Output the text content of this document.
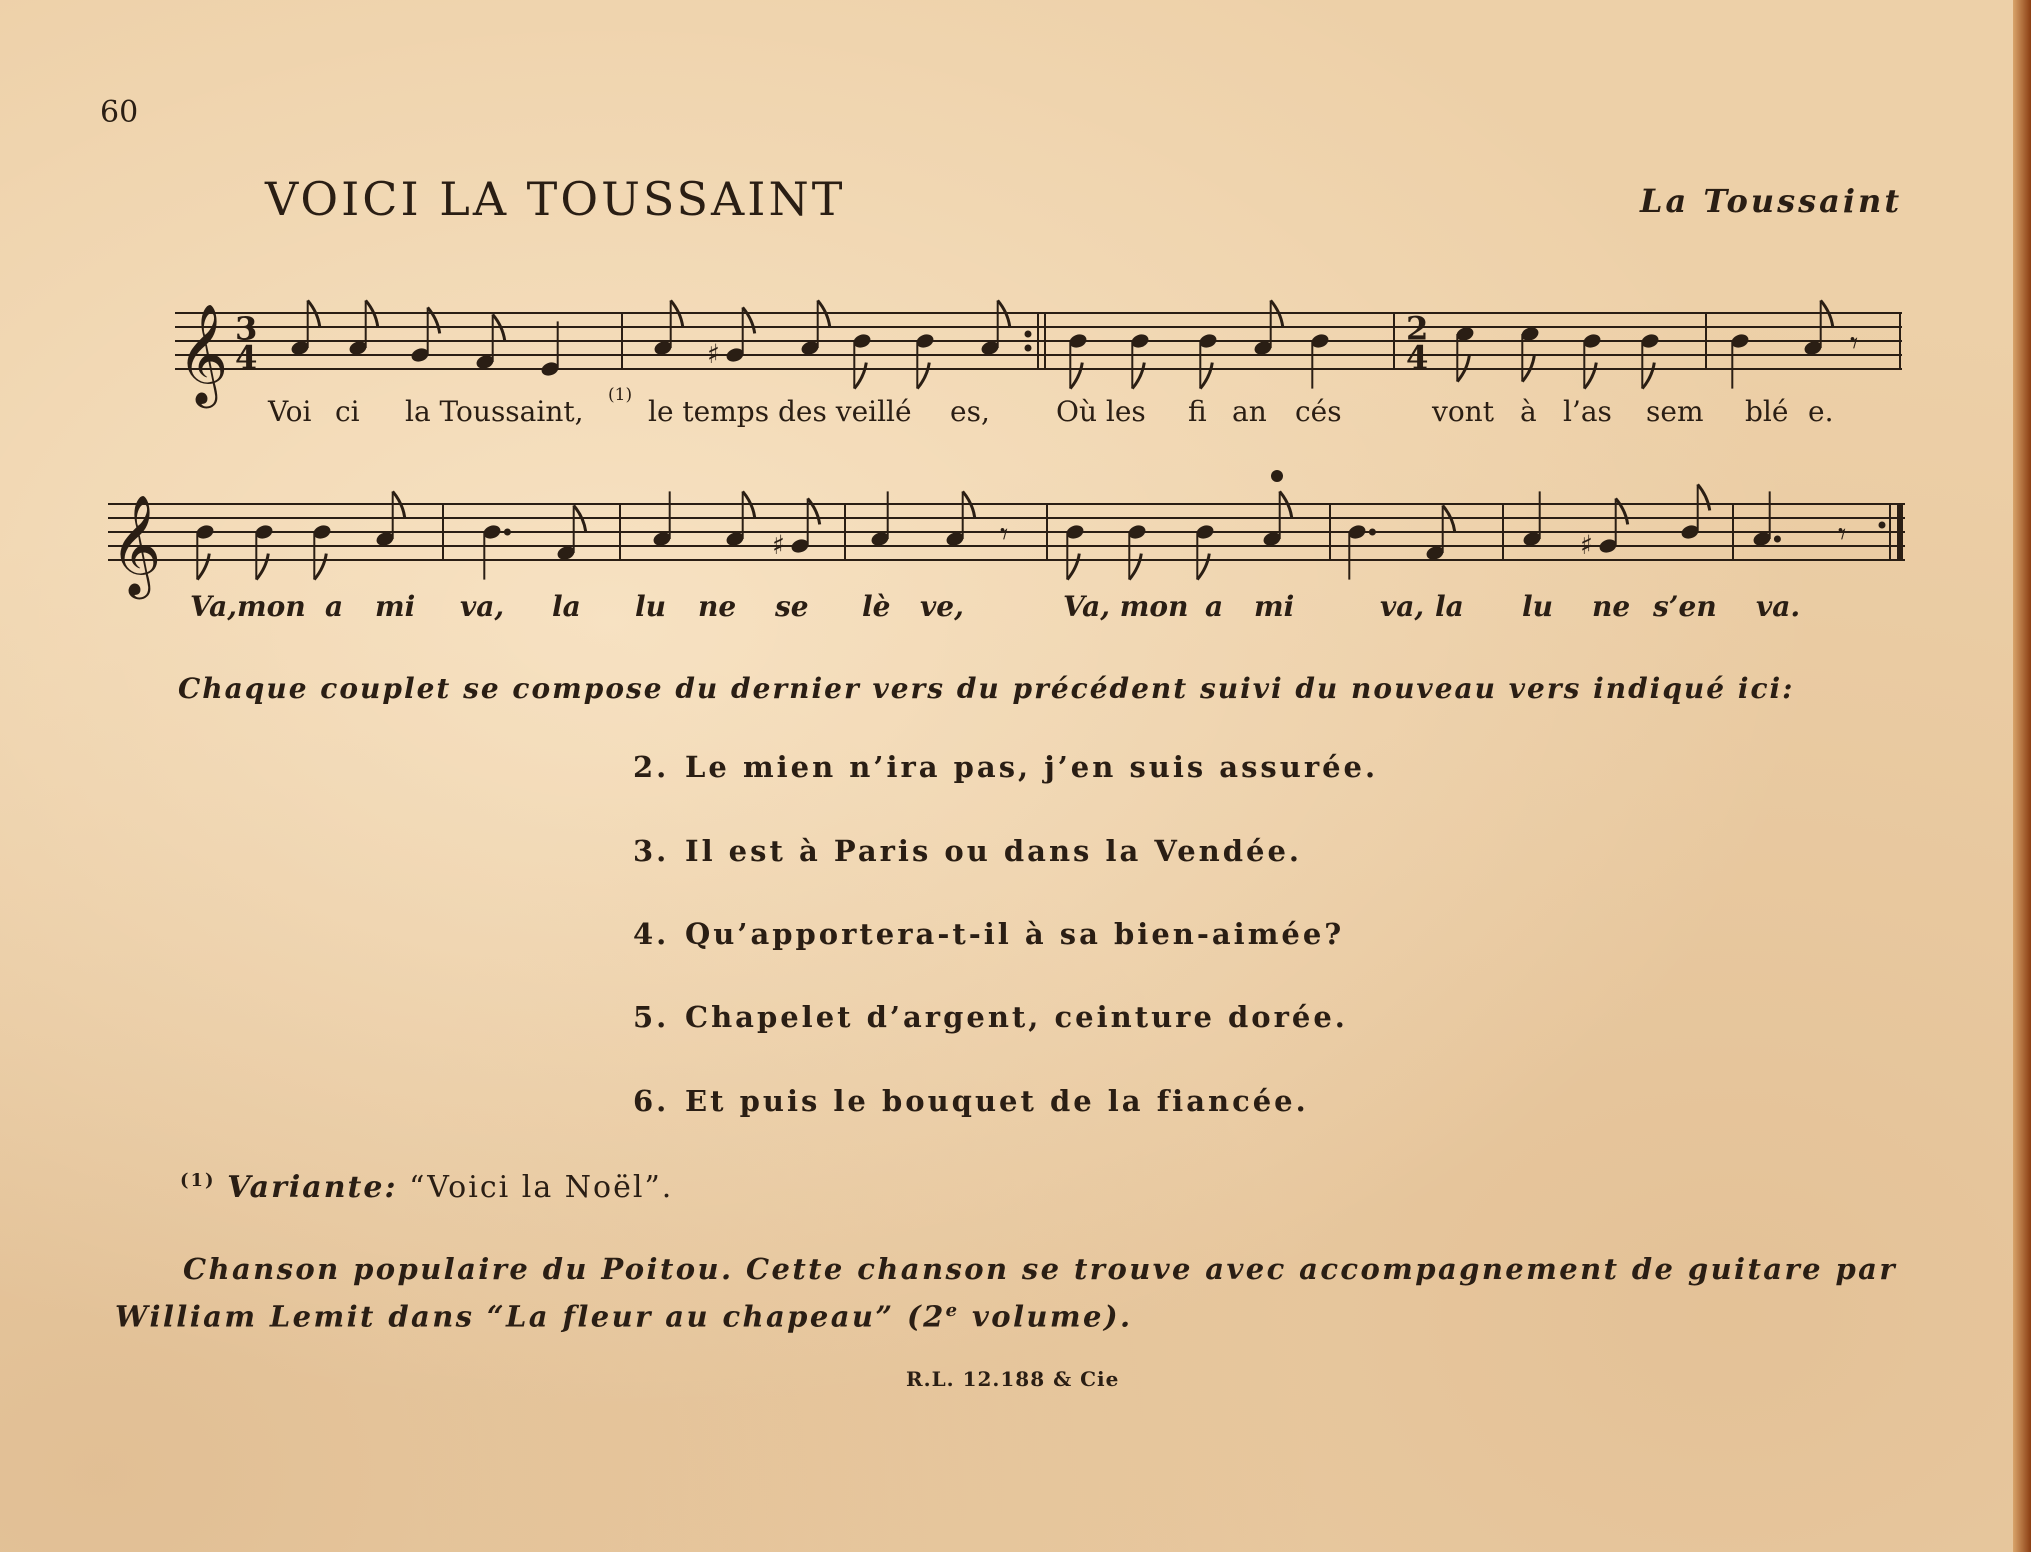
60
VOICI LA TOUSSAINT	La Toussaint
𝄞	♯
2
4
3
4	𝄾
𝄞	♯	♯
𝄾	𝄾
Voi ci la Toussaint, (1) le temps des veillé es, Où les fi an cés	vont à l’as sem blé e.
Va,mon a mi va, la lu ne se lè ve,	Va, mon a mi	va, la lu ne s’en va.
Chaque couplet se compose du dernier vers du précédent suivi du nouveau vers indiqué ici:
2. Le mien n’ira pas, j’en suis assurée.
3. Il est à Paris ou dans la Vendée.
4. Qu’apportera-t-il à sa bien-aimée?
5. Chapelet d’argent, ceinture dorée.
6. Et puis le bouquet de la fiancée.
$^{(1)}$ Variante: “Voici la Noël”.
Chanson populaire du Poitou. Cette chanson se trouve avec accompagnement de guitare par William Lemit dans “La fleur au chapeau” (2e volume).
R.L. 12.188 & Cie
